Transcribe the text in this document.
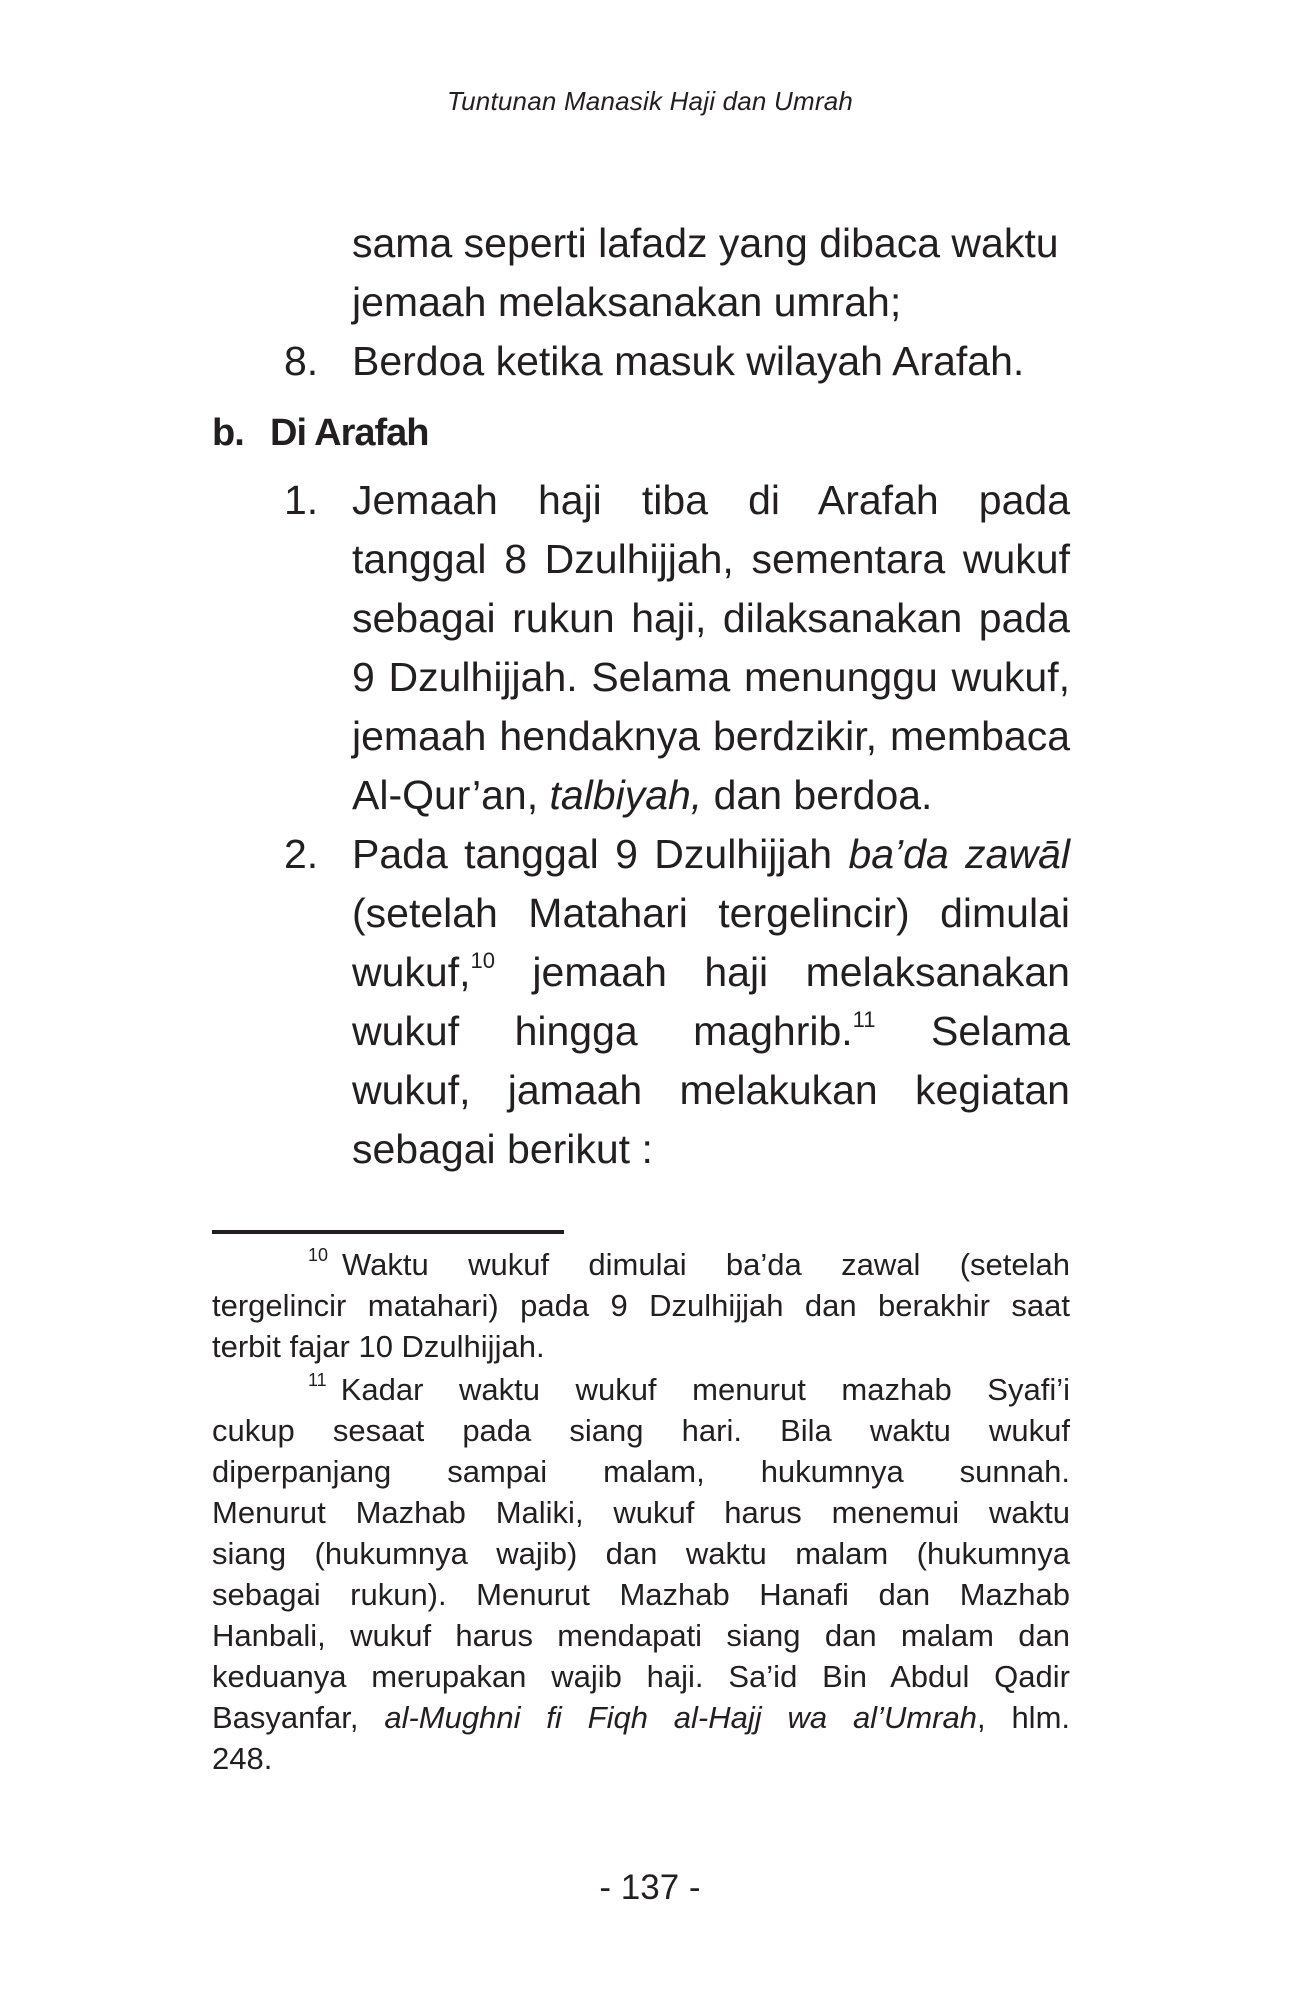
Tuntunan Manasik Haji dan Umrah
sama seperti lafadz yang dibaca waktu
jemaah melaksanakan umrah;
8. Berdoa ketika masuk wilayah Arafah.
b. Di Arafah
1. Jemaah haji tiba di Arafah pada
tanggal 8 Dzulhijjah, sementara wukuf
sebagai rukun haji, dilaksanakan pada
9 Dzulhijjah. Selama menunggu wukuf,
jemaah hendaknya berdzikir, membaca
Al-Qur’an, talbiyah, dan berdoa.
2. Pada tanggal 9 Dzulhijjah ba’da zawāl
(setelah Matahari tergelincir) dimulai
wukuf,$^{10}$ jemaah haji melaksanakan
wukuf hingga maghrib.$^{11}$ Selama
wukuf, jamaah melakukan kegiatan
sebagai berikut :
$^{10}$ Waktu wukuf dimulai ba’da zawal (setelah
tergelincir matahari) pada 9 Dzulhijjah dan berakhir saat
terbit fajar 10 Dzulhijjah.
$^{11}$ Kadar waktu wukuf menurut mazhab Syafi’i
cukup sesaat pada siang hari. Bila waktu wukuf
diperpanjang sampai malam, hukumnya sunnah.
Menurut Mazhab Maliki, wukuf harus menemui waktu
siang (hukumnya wajib) dan waktu malam (hukumnya
sebagai rukun). Menurut Mazhab Hanafi dan Mazhab
Hanbali, wukuf harus mendapati siang dan malam dan
keduanya merupakan wajib haji. Sa’id Bin Abdul Qadir
Basyanfar, al-Mughni fi Fiqh al-Hajj wa al’Umrah, hlm.
248.
- 137 -
